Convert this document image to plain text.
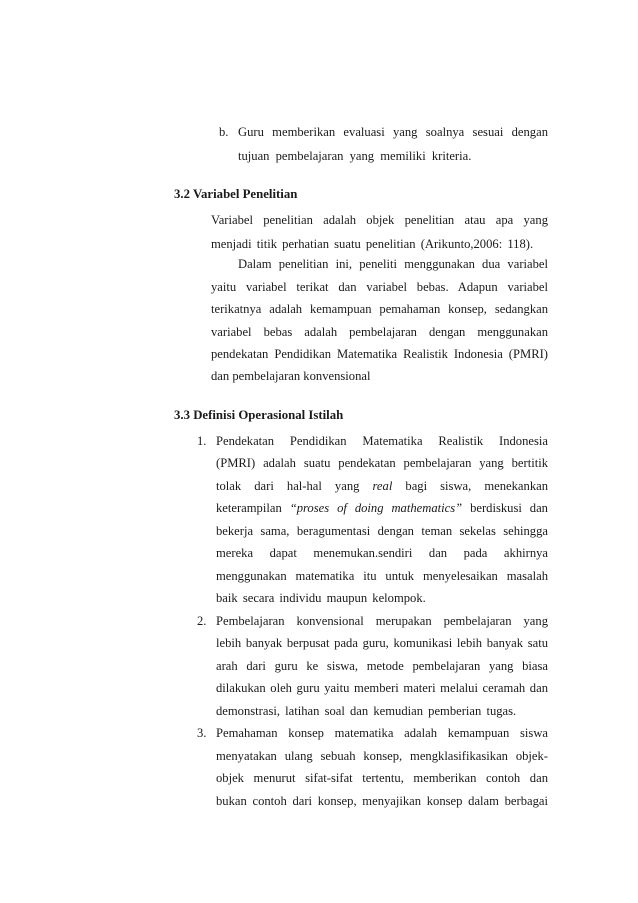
b. Guru memberikan evaluasi yang soalnya sesuai dengan
tujuan pembelajaran yang memiliki kriteria.
3.2 Variabel Penelitian
Variabel penelitian adalah objek penelitian atau apa yang
menjadi titik perhatian suatu penelitian (Arikunto,2006: 118).
Dalam penelitian ini, peneliti menggunakan dua variabel
yaitu variabel terikat dan variabel bebas. Adapun variabel
terikatnya adalah kemampuan pemahaman konsep, sedangkan
variabel bebas adalah pembelajaran dengan menggunakan
pendekatan Pendidikan Matematika Realistik Indonesia (PMRI)
dan pembelajaran konvensional
3.3 Definisi Operasional Istilah
1. Pendekatan Pendidikan Matematika Realistik Indonesia
(PMRI) adalah suatu pendekatan pembelajaran yang bertitik
tolak dari hal-hal yang real bagi siswa, menekankan
keterampilan “proses of doing mathematics” berdiskusi dan
bekerja sama, beragumentasi dengan teman sekelas sehingga
mereka dapat menemukan.sendiri dan pada akhirnya
menggunakan matematika itu untuk menyelesaikan masalah
baik secara individu maupun kelompok.
2. Pembelajaran konvensional merupakan pembelajaran yang
lebih banyak berpusat pada guru, komunikasi lebih banyak satu
arah dari guru ke siswa, metode pembelajaran yang biasa
dilakukan oleh guru yaitu memberi materi melalui ceramah dan
demonstrasi, latihan soal dan kemudian pemberian tugas.
3. Pemahaman konsep matematika adalah kemampuan siswa
menyatakan ulang sebuah konsep, mengklasifikasikan objek-
objek menurut sifat-sifat tertentu, memberikan contoh dan
bukan contoh dari konsep, menyajikan konsep dalam berbagai
